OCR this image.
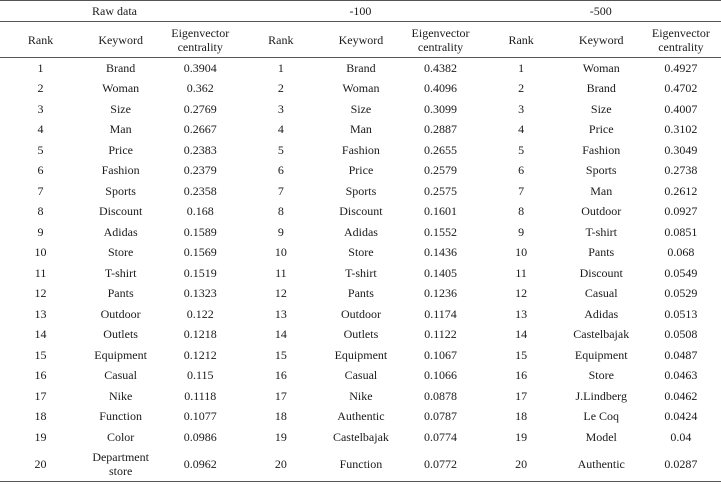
Raw data			-100			-500		
Rank	Keyword	Eigenvector centrality	Rank	Keyword	Eigenvector centrality	Rank	Keyword	Eigenvector centrality
1	Brand	0.3904	1	Brand	0.4382	1	Woman	0.4927
2	Woman	0.362	2	Woman	0.4096	2	Brand	0.4702
3	Size	0.2769	3	Size	0.3099	3	Size	0.4007
4	Man	0.2667	4	Man	0.2887	4	Price	0.3102
5	Price	0.2383	5	Fashion	0.2655	5	Fashion	0.3049
6	Fashion	0.2379	6	Price	0.2579	6	Sports	0.2738
7	Sports	0.2358	7	Sports	0.2575	7	Man	0.2612
8	Discount	0.168	8	Discount	0.1601	8	Outdoor	0.0927
9	Adidas	0.1589	9	Adidas	0.1552	9	T-shirt	0.0851
10	Store	0.1569	10	Store	0.1436	10	Pants	0.068
11	T-shirt	0.1519	11	T-shirt	0.1405	11	Discount	0.0549
12	Pants	0.1323	12	Pants	0.1236	12	Casual	0.0529
13	Outdoor	0.122	13	Outdoor	0.1174	13	Adidas	0.0513
14	Outlets	0.1218	14	Outlets	0.1122	14	Castelbajak	0.0508
15	Equipment	0.1212	15	Equipment	0.1067	15	Equipment	0.0487
16	Casual	0.115	16	Casual	0.1066	16	Store	0.0463
17	Nike	0.1118	17	Nike	0.0878	17	J.Lindberg	0.0462
18	Function	0.1077	18	Authentic	0.0787	18	Le Coq	0.0424
19	Color	0.0986	19	Castelbajak	0.0774	19	Model	0.04
20	Department store	0.0962	20	Function	0.0772	20	Authentic	0.0287
